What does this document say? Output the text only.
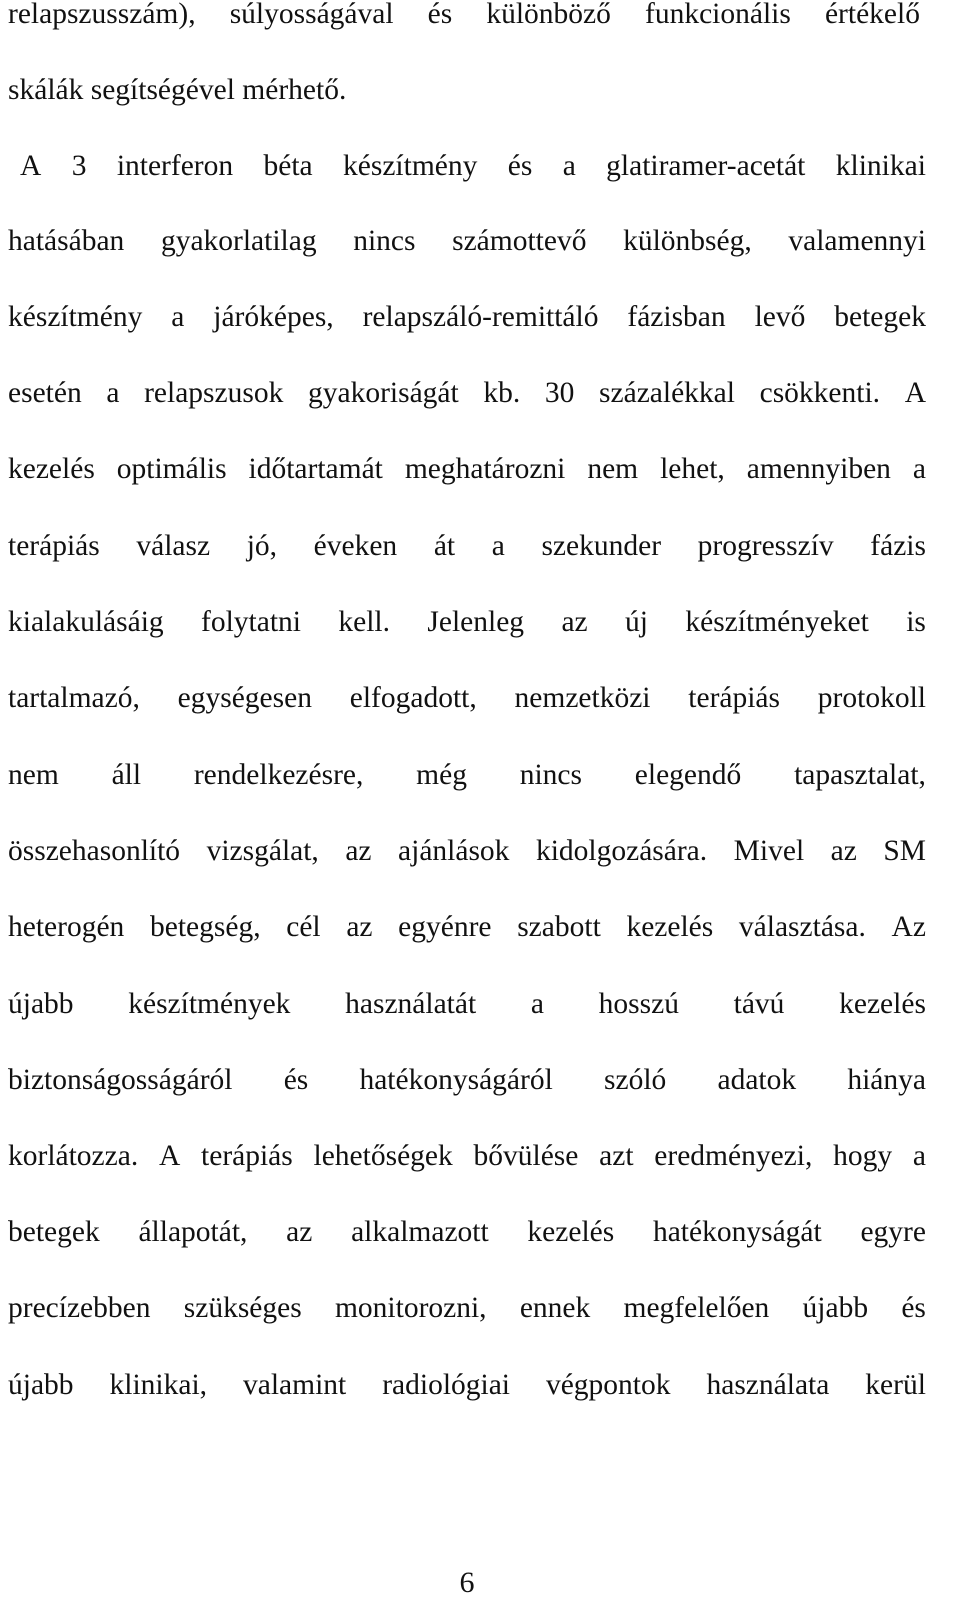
relapszusszám), súlyosságával és különböző funkcionális értékelő
skálák segítségével mérhető.
A 3 interferon béta készítmény és a glatiramer-acetát klinikai
hatásában gyakorlatilag nincs számottevő különbség, valamennyi
készítmény a járóképes, relapszáló-remittáló fázisban levő betegek
esetén a relapszusok gyakoriságát kb. 30 százalékkal csökkenti. A
kezelés optimális időtartamát meghatározni nem lehet, amennyiben a
terápiás válasz jó, éveken át a szekunder progresszív fázis
kialakulásáig folytatni kell. Jelenleg az új készítményeket is
tartalmazó, egységesen elfogadott, nemzetközi terápiás protokoll
nem áll rendelkezésre, még nincs elegendő tapasztalat,
összehasonlító vizsgálat, az ajánlások kidolgozására. Mivel az SM
heterogén betegség, cél az egyénre szabott kezelés választása. Az
újabb készítmények használatát a hosszú távú kezelés
biztonságosságáról és hatékonyságáról szóló adatok hiánya
korlátozza. A terápiás lehetőségek bővülése azt eredményezi, hogy a
betegek állapotát, az alkalmazott kezelés hatékonyságát egyre
precízebben szükséges monitorozni, ennek megfelelően újabb és
újabb klinikai, valamint radiológiai végpontok használata kerül
6
